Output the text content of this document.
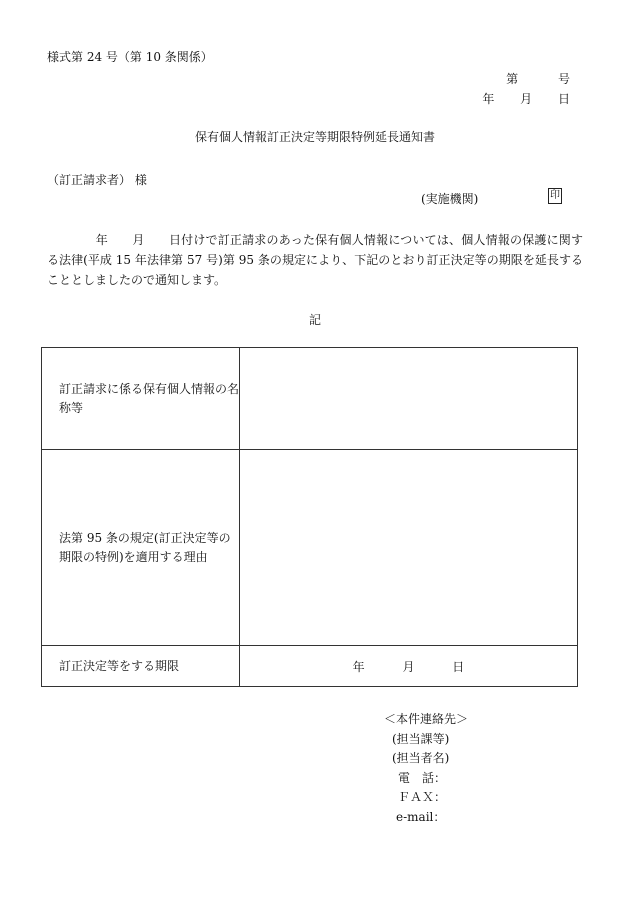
様式第 24 号（第 10 条関係）
第 号
年 月 日
保有個人情報訂正決定等期限特例延長通知書
（訂正請求者） 様
(実施機関)	印
　　　　年　　月　　日付けで訂正請求のあった保有個人情報については、個人情報の保護に関する法律(平成 15 年法律第 57 号)第 95 条の規定により、下記のとおり訂正決定等の期限を延長することとしましたので通知します。
記
訂正請求に係る保有個人情報の名称等	
法第 95 条の規定(訂正決定等の期限の特例)を適用する理由	
訂正決定等をする期限	年 月 日
＜本件連絡先＞
(担当課等)
(担当者名)
電　話：
ＦＡＸ：
e-mail：
